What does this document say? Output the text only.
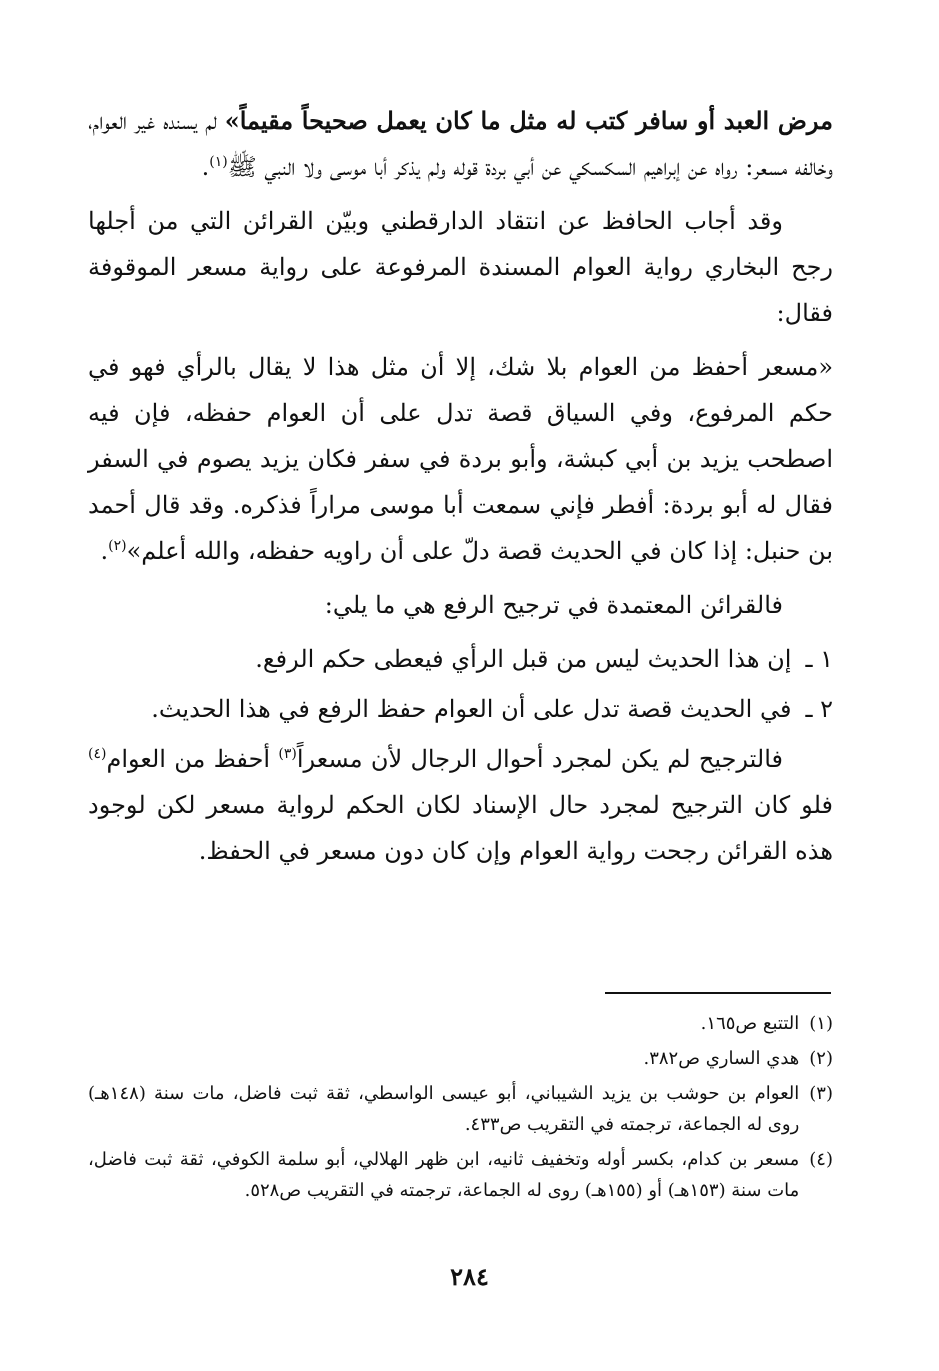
مرض العبد أو سافر كتب له مثل ما كان يعمل صحيحاً مقيماً» لم يسنده غير العوام، وخالفه مسعر: رواه عن إبراهيم السكسكي عن أبي بردة قوله ولم يذكر أبا موسى ولا النبي ﷺ$^{(١)}$.

وقد أجاب الحافظ عن انتقاد الدارقطني وبيّن القرائن التي من أجلها رجح البخاري رواية العوام المسندة المرفوعة على رواية مسعر الموقوفة فقال:

«مسعر أحفظ من العوام بلا شك، إلا أن مثل هذا لا يقال بالرأي فهو في حكم المرفوع، وفي السياق قصة تدل على أن العوام حفظه، فإن فيه اصطحب يزيد بن أبي كبشة، وأبو بردة في سفر فكان يزيد يصوم في السفر فقال له أبو بردة: أفطر فإني سمعت أبا موسى مراراً فذكره. وقد قال أحمد بن حنبل: إذا كان في الحديث قصة دلّ على أن راويه حفظه، والله أعلم»$^{(٢)}$.

فالقرائن المعتمدة في ترجيح الرفع هي ما يلي:

١ ـ
إن هذا الحديث ليس من قبل الرأي فيعطى حكم الرفع.
٢ ـ
في الحديث قصة تدل على أن العوام حفظ الرفع في هذا الحديث.

فالترجيح لم يكن لمجرد أحوال الرجال لأن مسعراً$^{(٣)}$ أحفظ من العوام$^{(٤)}$ فلو كان الترجيح لمجرد حال الإسناد لكان الحكم لرواية مسعر لكن لوجود هذه القرائن رجحت رواية العوام وإن كان دون مسعر في الحفظ.

(١)
التتبع ص١٦٥.
(٢)
هدي الساري ص٣٨٢.
(٣)
العوام بن حوشب بن يزيد الشيباني، أبو عيسى الواسطي، ثقة ثبت فاضل، مات سنة (١٤٨هـ) روى له الجماعة، ترجمته في التقريب ص٤٣٣.
(٤)
مسعر بن كدام، بكسر أوله وتخفيف ثانيه، ابن ظهر الهلالي، أبو سلمة الكوفي، ثقة ثبت فاضل، مات سنة (١٥٣هـ) أو (١٥٥هـ) روى له الجماعة، ترجمته في التقريب ص٥٢٨.
٢٨٤
